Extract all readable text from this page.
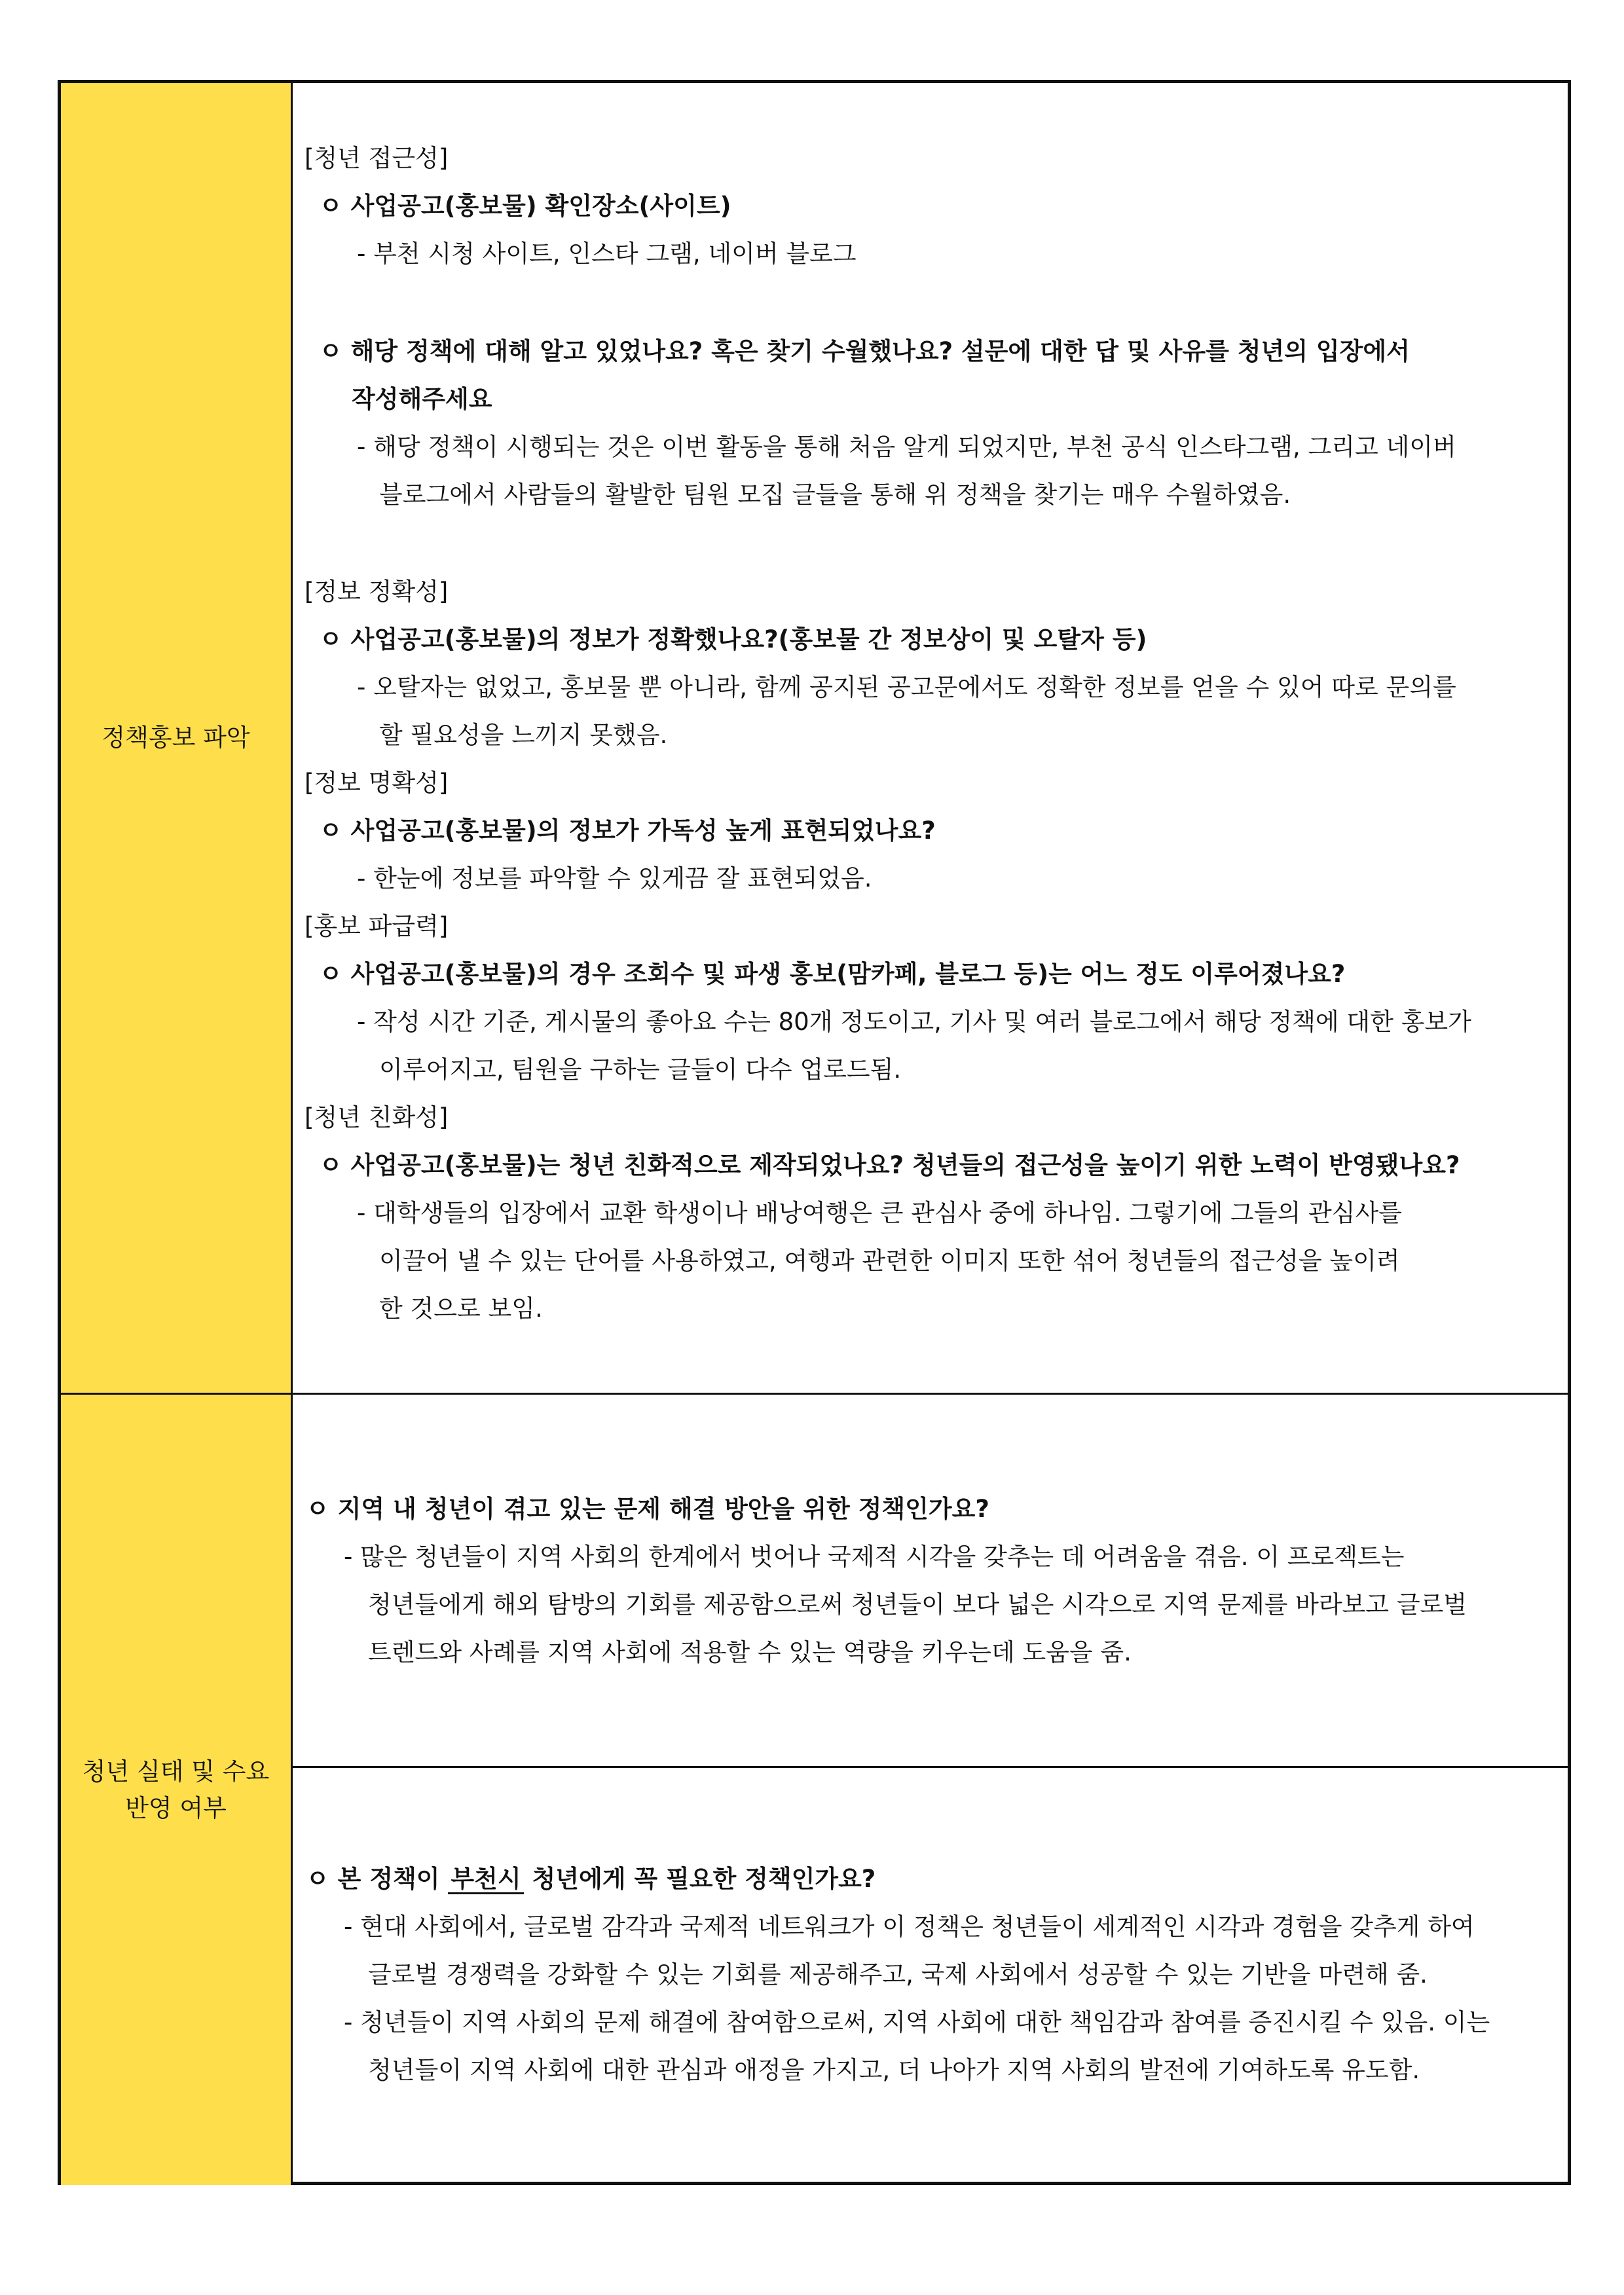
정책홍보 파악
[청년 접근성]
ㅇ 사업공고(홍보물) 확인장소(사이트)
- 부천 시청 사이트, 인스타 그램, 네이버 블로그
ㅇ 해당 정책에 대해 알고 있었나요? 혹은 찾기 수월했나요? 설문에 대한 답 및 사유를 청년의 입장에서
작성해주세요
- 해당 정책이 시행되는 것은 이번 활동을 통해 처음 알게 되었지만, 부천 공식 인스타그램, 그리고 네이버
블로그에서 사람들의 활발한 팀원 모집 글들을 통해 위 정책을 찾기는 매우 수월하였음.
[정보 정확성]
ㅇ 사업공고(홍보물)의 정보가 정확했나요?(홍보물 간 정보상이 및 오탈자 등)
- 오탈자는 없었고, 홍보물 뿐 아니라, 함께 공지된 공고문에서도 정확한 정보를 얻을 수 있어 따로 문의를
할 필요성을 느끼지 못했음.
[정보 명확성]
ㅇ 사업공고(홍보물)의 정보가 가독성 높게 표현되었나요?
- 한눈에 정보를 파악할 수 있게끔 잘 표현되었음.
[홍보 파급력]
ㅇ 사업공고(홍보물)의 경우 조회수 및 파생 홍보(맘카페, 블로그 등)는 어느 정도 이루어졌나요?
- 작성 시간 기준, 게시물의 좋아요 수는 80개 정도이고, 기사 및 여러 블로그에서 해당 정책에 대한 홍보가
이루어지고, 팀원을 구하는 글들이 다수 업로드됨.
[청년 친화성]
ㅇ 사업공고(홍보물)는 청년 친화적으로 제작되었나요? 청년들의 접근성을 높이기 위한 노력이 반영됐나요?
- 대학생들의 입장에서 교환 학생이나 배낭여행은 큰 관심사 중에 하나임. 그렇기에 그들의 관심사를
이끌어 낼 수 있는 단어를 사용하였고, 여행과 관련한 이미지 또한 섞어 청년들의 접근성을 높이려
한 것으로 보임.
청년 실태 및 수요
반영 여부
ㅇ 지역 내 청년이 겪고 있는 문제 해결 방안을 위한 정책인가요?
- 많은 청년들이 지역 사회의 한계에서 벗어나 국제적 시각을 갖추는 데 어려움을 겪음. 이 프로젝트는
청년들에게 해외 탐방의 기회를 제공함으로써 청년들이 보다 넓은 시각으로 지역 문제를 바라보고 글로벌
트렌드와 사례를 지역 사회에 적용할 수 있는 역량을 키우는데 도움을 줌.
ㅇ 본 정책이 부천시 청년에게 꼭 필요한 정책인가요?
- 현대 사회에서, 글로벌 감각과 국제적 네트워크가 이 정책은 청년들이 세계적인 시각과 경험을 갖추게 하여
글로벌 경쟁력을 강화할 수 있는 기회를 제공해주고, 국제 사회에서 성공할 수 있는 기반을 마련해 줌.
- 청년들이 지역 사회의 문제 해결에 참여함으로써, 지역 사회에 대한 책임감과 참여를 증진시킬 수 있음. 이는
청년들이 지역 사회에 대한 관심과 애정을 가지고, 더 나아가 지역 사회의 발전에 기여하도록 유도함.
